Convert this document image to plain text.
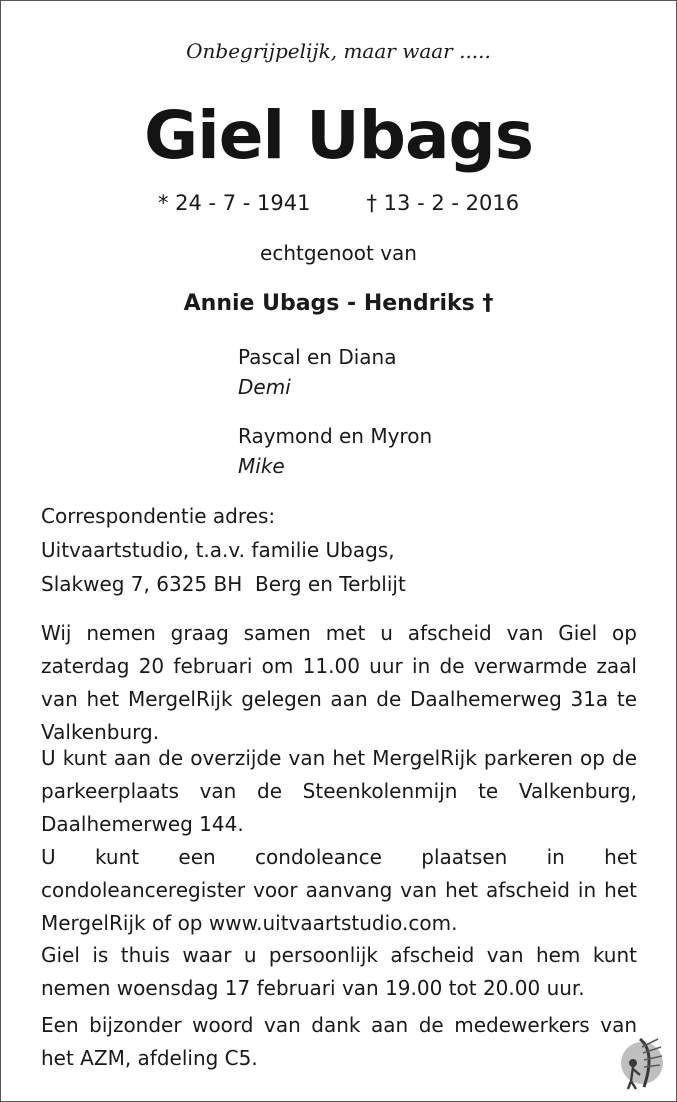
Onbegrijpelijk, maar waar .....
Giel Ubags
* 24 - 7 - 1941	† 13 - 2 - 2016
echtgenoot van
Annie Ubags - Hendriks †
Pascal en Diana
Demi
Raymond en Myron
Mike
Correspondentie adres:
Uitvaartstudio, t.a.v. familie Ubags,
Slakweg 7, 6325 BH  Berg en Terblijt

Wij nemen graag samen met u afscheid van Giel op zaterdag 20 februari om 11.00 uur in de verwarmde zaal van het MergelRijk gelegen aan de Daalhemerweg 31a te Valkenburg.

U kunt aan de overzijde van het MergelRijk parkeren op de parkeerplaats van de Steenkolenmijn te Valkenburg, Daalhemerweg 144.

U kunt een condoleance plaatsen in het condoleanceregister voor aanvang van het afscheid in het MergelRijk of op www.uitvaartstudio.com.

Giel is thuis waar u persoonlijk afscheid van hem kunt nemen woensdag 17 februari van 19.00 tot 20.00 uur.

Een bijzonder woord van dank aan de medewerkers van het AZM, afdeling C5.
